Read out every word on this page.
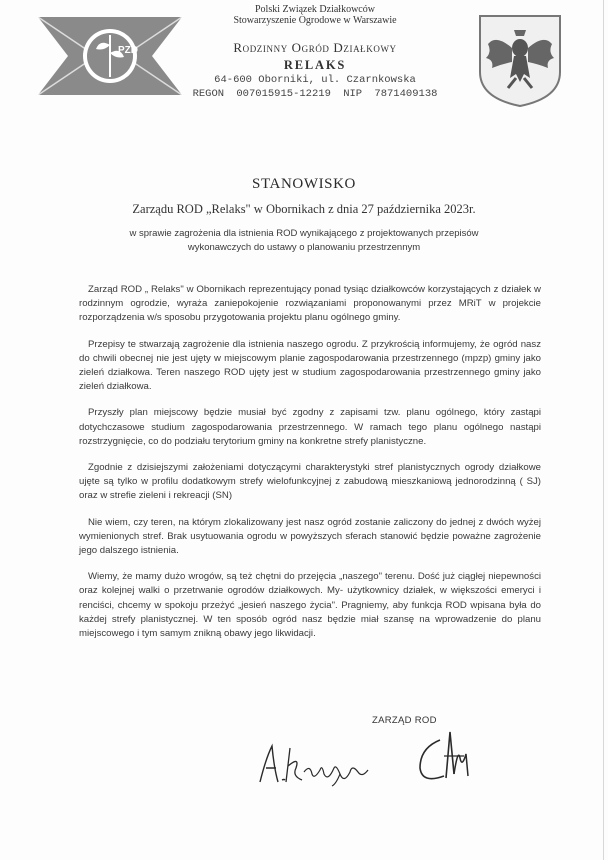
PZD
Polski Związek Działkowców
Stowarzyszenie Ogrodowe w Warszawie
Rodzinny Ogród Działkowy
RELAKS
64-600 Oborniki, ul. Czarnkowska
REGON 007015915-12219 NIP 7871409138
STANOWISKO
Zarządu ROD „Relaks" w Obornikach z dnia 27 października 2023r.
w sprawie zagrożenia dla istnienia ROD wynikającego z projektowanych przepisów wykonawczych do ustawy o planowaniu przestrzennym

Zarząd ROD „ Relaks" w Obornikach reprezentujący ponad tysiąc działkowców korzystających z działek w rodzinnym ogrodzie, wyraża zaniepokojenie rozwiązaniami proponowanymi przez MRiT w projekcie rozporządzenia w/s sposobu przygotowania projektu planu ogólnego gminy.

Przepisy te stwarzają zagrożenie dla istnienia naszego ogrodu. Z przykrością informujemy, że ogród nasz do chwili obecnej nie jest ujęty w miejscowym planie zagospodarowania przestrzennego (mpzp) gminy jako zieleń działkowa. Teren naszego ROD ujęty jest w studium zagospodarowania przestrzennego gminy jako zieleń działkowa.

Przyszły plan miejscowy będzie musiał być zgodny z zapisami tzw. planu ogólnego, który zastąpi dotychczasowe studium zagospodarowania przestrzennego. W ramach tego planu ogólnego nastąpi rozstrzygnięcie, co do podziału terytorium gminy na konkretne strefy planistyczne.

Zgodnie z dzisiejszymi założeniami dotyczącymi charakterystyki stref planistycznych ogrody działkowe ujęte są tylko w profilu dodatkowym strefy wielofunkcyjnej z zabudową mieszkaniową jednorodzinną ( SJ) oraz w strefie zieleni i rekreacji (SN)

Nie wiem, czy teren, na którym zlokalizowany jest nasz ogród zostanie zaliczony do jednej z dwóch wyżej wymienionych stref. Brak usytuowania ogrodu w powyższych sferach stanowić będzie poważne zagrożenie jego dalszego istnienia.

Wiemy, że mamy dużo wrogów, są też chętni do przejęcia „naszego" terenu. Dość już ciągłej niepewności oraz kolejnej walki o przetrwanie ogrodów działkowych. My- użytkownicy działek, w większości emeryci i renciści, chcemy w spokoju przeżyć „jesień naszego życia". Pragniemy, aby funkcja ROD wpisana była do każdej strefy planistycznej. W ten sposób ogród nasz będzie miał szansę na wprowadzenie do planu miejscowego i tym samym znikną obawy jego likwidacji.

ZARZĄD ROD
